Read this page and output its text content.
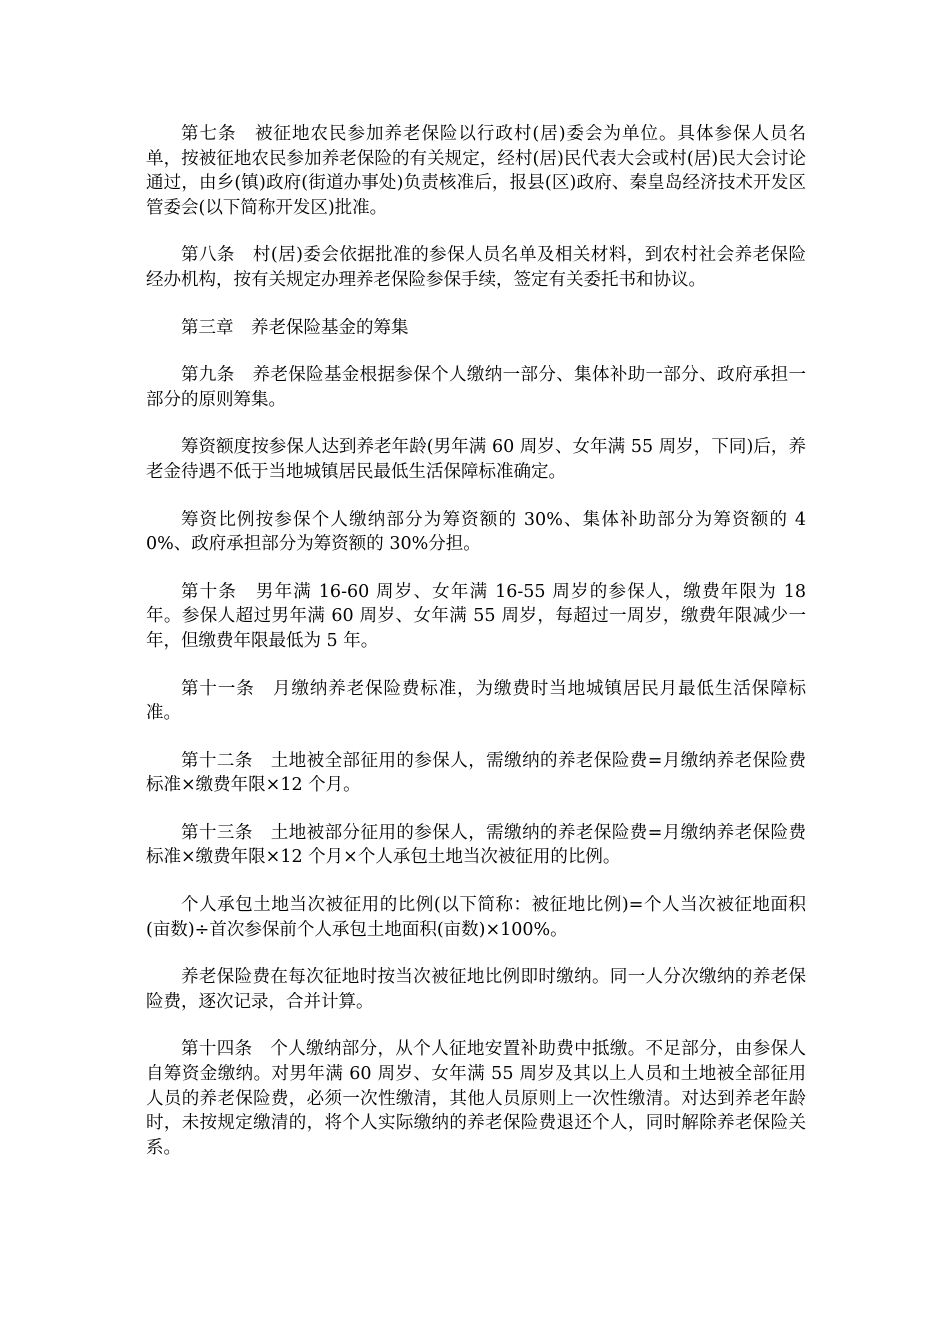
第七条　被征地农民参加养老保险以行政村(居)委会为单位。具体参保人员名单，按被征地农民参加养老保险的有关规定，经村(居)民代表大会或村(居)民大会讨论通过，由乡(镇)政府(街道办事处)负责核准后，报县(区)政府、秦皇岛经济技术开发区管委会(以下简称开发区)批准。

第八条　村(居)委会依据批准的参保人员名单及相关材料，到农村社会养老保险经办机构，按有关规定办理养老保险参保手续，签定有关委托书和协议。

第三章　养老保险基金的筹集

第九条　养老保险基金根据参保个人缴纳一部分、集体补助一部分、政府承担一部分的原则筹集。

筹资额度按参保人达到养老年龄(男年满 60 周岁、女年满 55 周岁，下同)后，养老金待遇不低于当地城镇居民最低生活保障标准确定。

筹资比例按参保个人缴纳部分为筹资额的 30%、集体补助部分为筹资额的 40%、政府承担部分为筹资额的 30%分担。

第十条　男年满 16-60 周岁、女年满 16-55 周岁的参保人，缴费年限为 18 年。参保人超过男年满 60 周岁、女年满 55 周岁，每超过一周岁，缴费年限减少一年，但缴费年限最低为 5 年。

第十一条　月缴纳养老保险费标准，为缴费时当地城镇居民月最低生活保障标准。

第十二条　土地被全部征用的参保人，需缴纳的养老保险费=月缴纳养老保险费标准×缴费年限×12 个月。

第十三条　土地被部分征用的参保人，需缴纳的养老保险费=月缴纳养老保险费标准×缴费年限×12 个月×个人承包土地当次被征用的比例。

个人承包土地当次被征用的比例(以下简称：被征地比例)=个人当次被征地面积(亩数)÷首次参保前个人承包土地面积(亩数)×100%。

养老保险费在每次征地时按当次被征地比例即时缴纳。同一人分次缴纳的养老保险费，逐次记录，合并计算。

第十四条　个人缴纳部分，从个人征地安置补助费中抵缴。不足部分，由参保人自筹资金缴纳。对男年满 60 周岁、女年满 55 周岁及其以上人员和土地被全部征用人员的养老保险费，必须一次性缴清，其他人员原则上一次性缴清。对达到养老年龄时，未按规定缴清的，将个人实际缴纳的养老保险费退还个人，同时解除养老保险关系。
